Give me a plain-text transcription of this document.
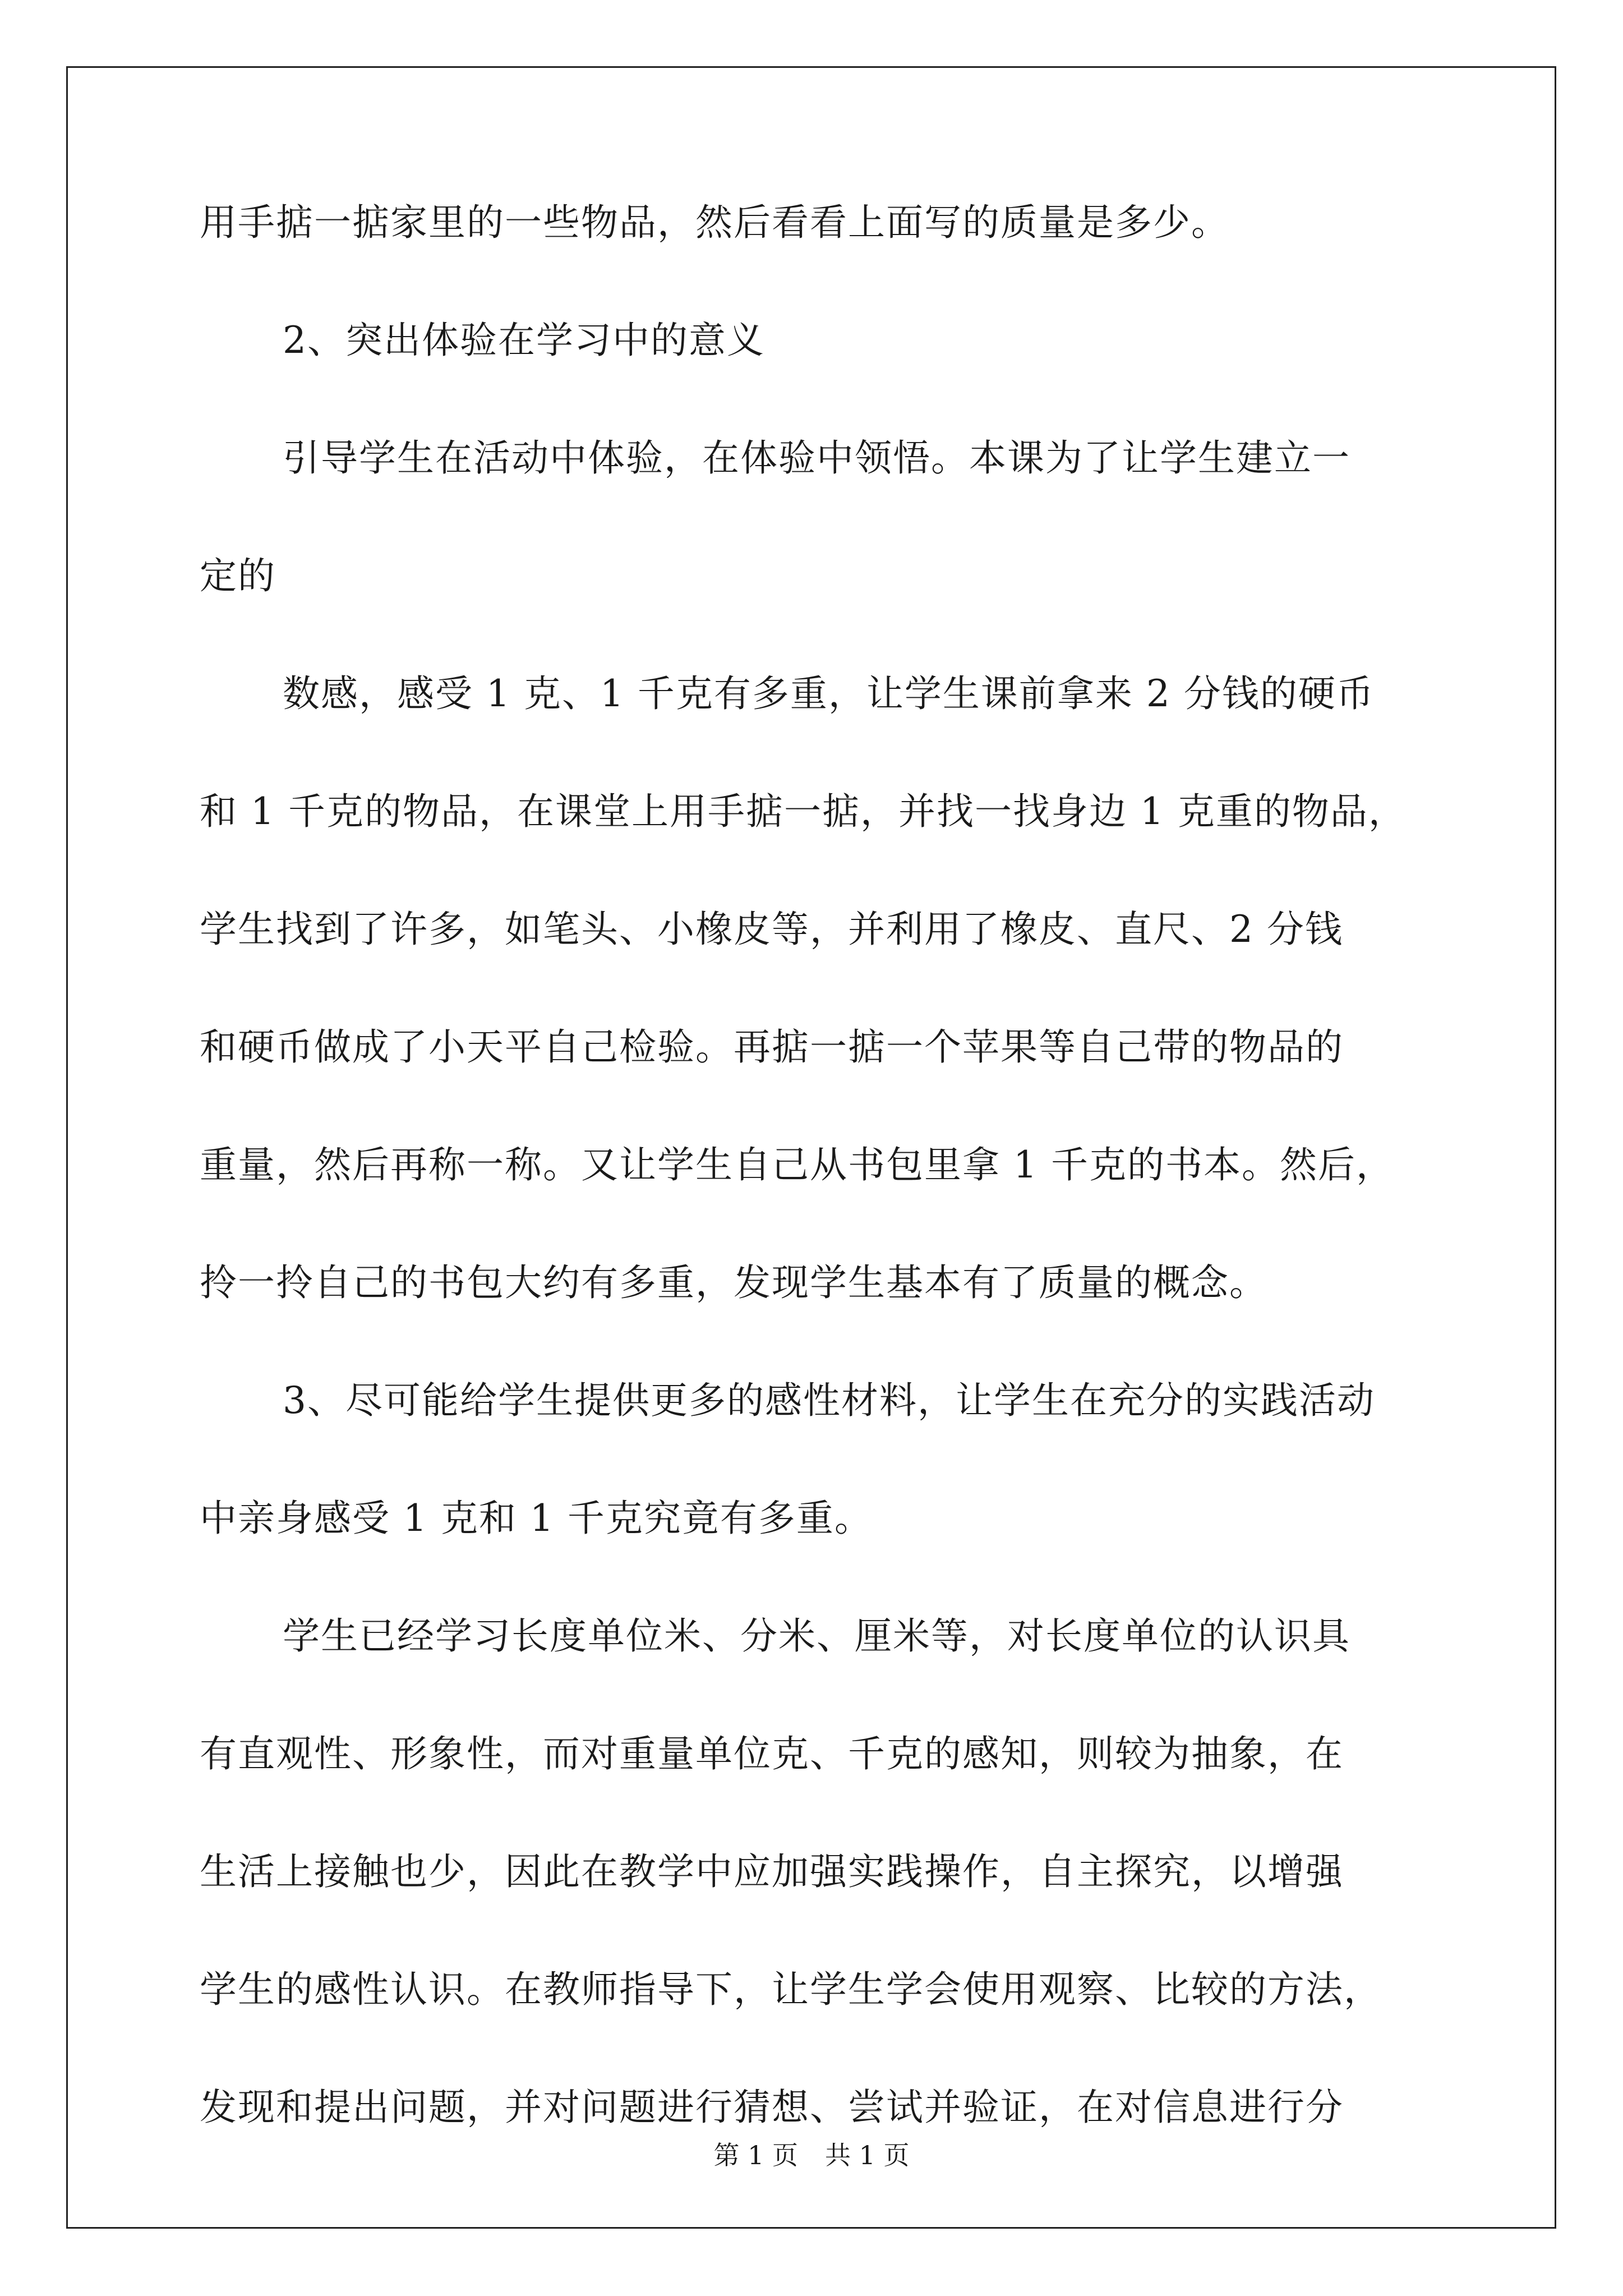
用手掂一掂家里的一些物品，然后看看上面写的质量是多少。
2、突出体验在学习中的意义
引导学生在活动中体验，在体验中领悟。本课为了让学生建立一
定的
数感，感受 1 克、1 千克有多重，让学生课前拿来 2 分钱的硬币
和 1 千克的物品，在课堂上用手掂一掂，并找一找身边 1 克重的物品，
学生找到了许多，如笔头、小橡皮等，并利用了橡皮、直尺、2 分钱
和硬币做成了小天平自己检验。再掂一掂一个苹果等自己带的物品的
重量，然后再称一称。又让学生自己从书包里拿 1 千克的书本。然后，
拎一拎自己的书包大约有多重，发现学生基本有了质量的概念。
3、尽可能给学生提供更多的感性材料，让学生在充分的实践活动
中亲身感受 1 克和 1 千克究竟有多重。
学生已经学习长度单位米、分米、厘米等，对长度单位的认识具
有直观性、形象性，而对重量单位克、千克的感知，则较为抽象，在
生活上接触也少，因此在教学中应加强实践操作，自主探究，以增强
学生的感性认识。在教师指导下，让学生学会使用观察、比较的方法，
发现和提出问题，并对问题进行猜想、尝试并验证，在对信息进行分
第 1 页 共 1 页
